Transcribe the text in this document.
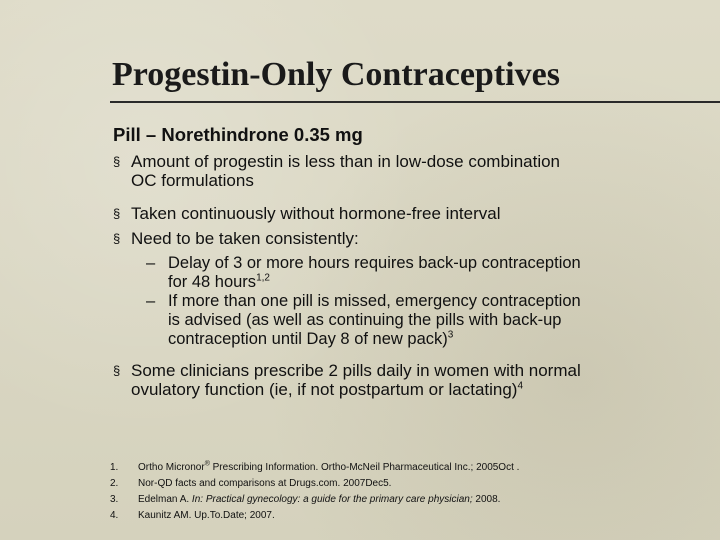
Progestin-Only Contraceptives
Pill – Norethindrone 0.35 mg
§ Amount of progestin is less than in low-dose combination
OC formulations
§ Taken continuously without hormone-free interval
§ Need to be taken consistently:
– Delay of 3 or more hours requires back-up contraception
for 48 hours$^{1,2}$
– If more than one pill is missed, emergency contraception
is advised (as well as continuing the pills with back-up
contraception until Day 8 of new pack)$^3$
§ Some clinicians prescribe 2 pills daily in women with normal
ovulatory function (ie, if not postpartum or lactating)$^4$
1. Ortho Micronor® Prescribing Information. Ortho-McNeil Pharmaceutical Inc.; 2005Oct .
2. Nor-QD facts and comparisons at Drugs.com. 2007Dec5.
3. Edelman A. In: Practical gynecology: a guide for the primary care physician; 2008.
4. Kaunitz AM. Up.To.Date; 2007.
